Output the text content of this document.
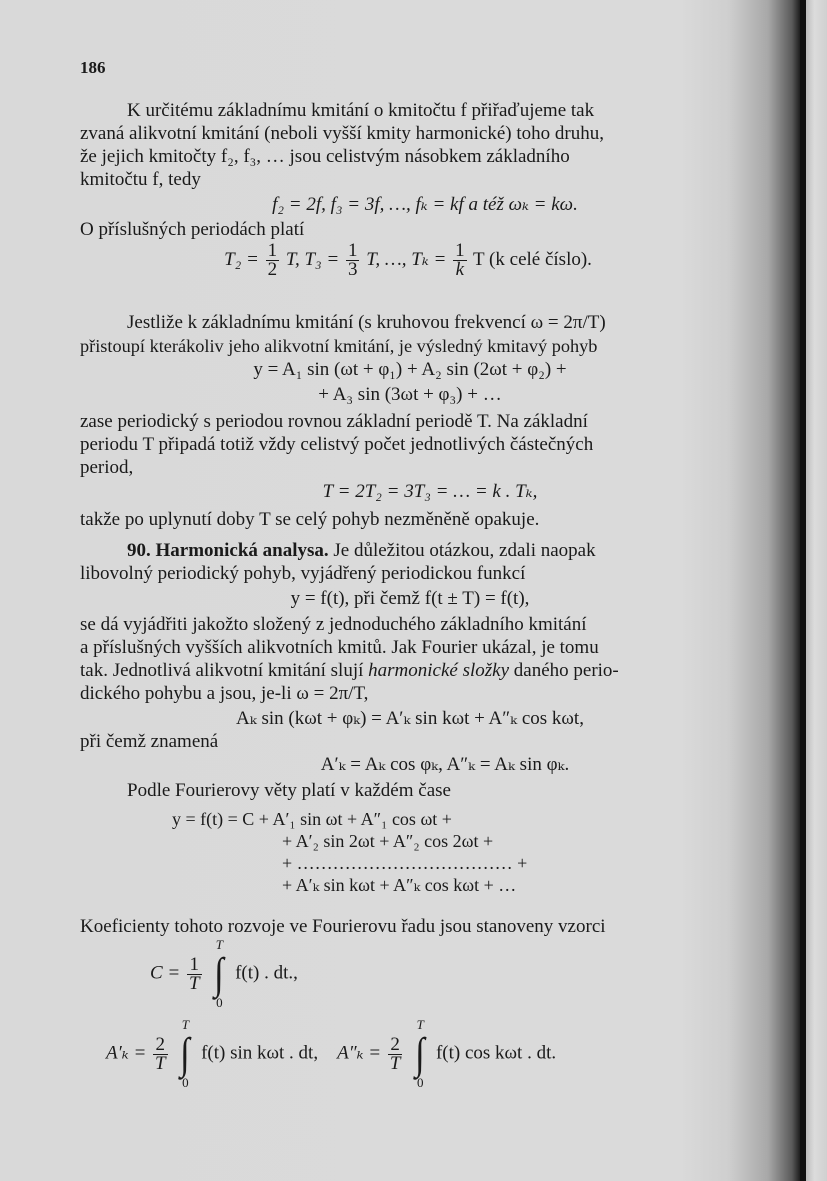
186

K určitému základnímu kmitání o kmitočtu f přiřaďujeme tak

zvaná alikvotní kmitání (neboli vyšší kmity harmonické) toho druhu,

že jejich kmitočty f₂, f₃, … jsou celistvým násobkem základního

kmitočtu f, tedy

f₂ = 2f, f₃ = 3f, …, fₖ = kf a též ωₖ = kω.

O příslušných periodách platí

$T_2 = \frac{1}{2} T$, $T_3 = \frac{1}{3} T$, …, $T_k = \frac{1}{k}$ T (k celé číslo).

Jestliže k základnímu kmitání (s kruhovou frekvencí ω = 2π/T)

přistoupí kterákoliv jeho alikvotní kmitání, je výsledný kmitavý pohyb

y = A₁ sin (ωt + φ₁) + A₂ sin (2ωt + φ₂) +

+ A₃ sin (3ωt + φ₃) + …

zase periodický s periodou rovnou základní periodě T. Na základní

periodu T připadá totiž vždy celistvý počet jednotlivých částečných

period,

T = 2T₂ = 3T₃ = … = k . Tₖ,

takže po uplynutí doby T se celý pohyb nezměněně opakuje.

90. Harmonická analysa. Je důležitou otázkou, zdali naopak

libovolný periodický pohyb, vyjádřený periodickou funkcí

y = f(t), při čemž f(t ± T) = f(t),

se dá vyjádřiti jakožto složený z jednoduchého základního kmitání

a příslušných vyšších alikvotních kmitů. Jak Fourier ukázal, je tomu

tak. Jednotlivá alikvotní kmitání slují harmonické složky daného perio-

dického pohybu a jsou, je-li ω = 2π/T,

Aₖ sin (kωt + φₖ) = A′ₖ sin kωt + A″ₖ cos kωt,

při čemž znamená

A′ₖ = Aₖ cos φₖ, A″ₖ = Aₖ sin φₖ.

Podle Fourierovy věty platí v každém čase

y = f(t) = C + A′₁ sin ωt + A″₁ cos ωt +
+ A′₂ sin 2ωt + A″₂ cos 2ωt +
+ ……………………………… +
+ A′ₖ sin kωt + A″ₖ cos kωt + …

Koeficienty tohoto rozvoje ve Fourierovu řadu jsou stanoveny vzorci

$C = \frac{1}{T}$

T
∫
0
f(t) . dt.,
$A'_k = \frac{2}{T}$

T
∫
0
f(t) sin kωt . dt, $A''_k = \frac{2}{T}$

T
∫
0
f(t) cos kωt . dt.
